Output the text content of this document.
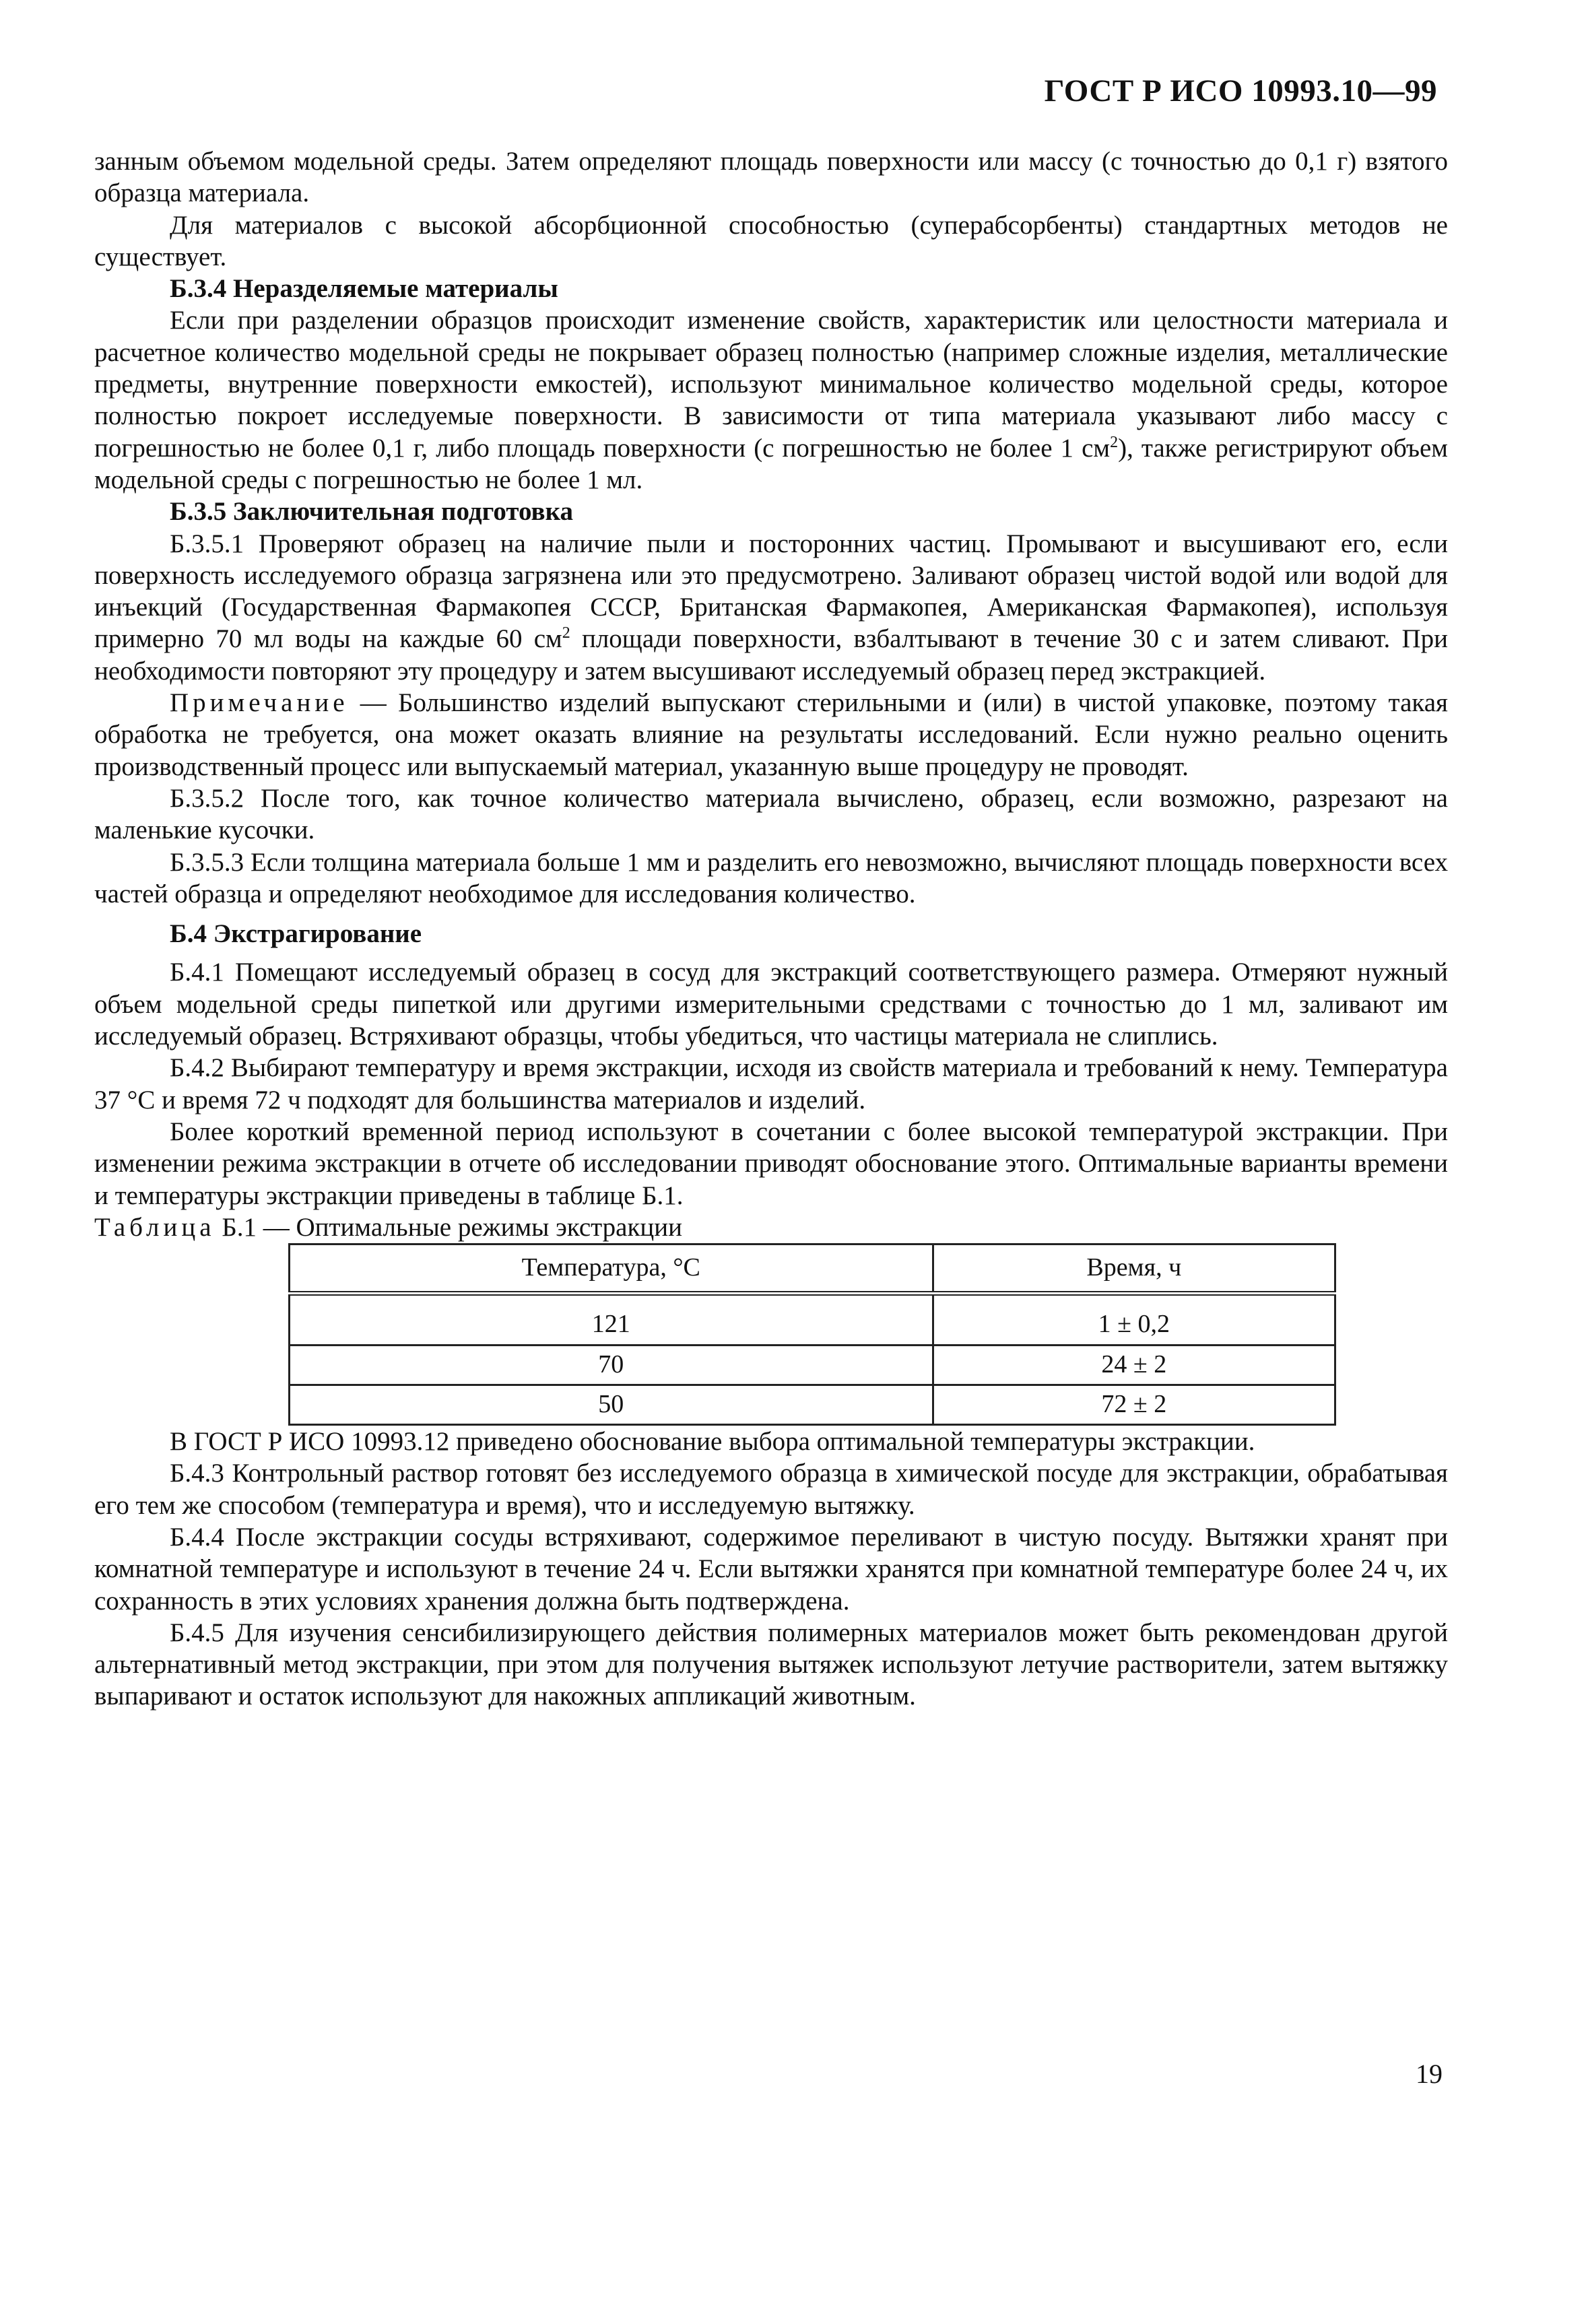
ГОСТ Р ИСО 10993.10—99

занным объемом модельной среды. Затем определяют площадь поверхности или массу (с точностью до 0,1 г) взятого образца материала.

Для материалов с высокой абсорбционной способностью (суперабсорбенты) стандартных методов не существует.

Б.3.4 Неразделяемые материалы

Если при разделении образцов происходит изменение свойств, характеристик или целостности материала и расчетное количество модельной среды не покрывает образец полностью (например сложные изделия, металлические предметы, внутренние поверхности емкостей), используют минимальное количество модельной среды, которое полностью покроет исследуемые поверхности. В зависимости от типа материала указывают либо массу с погрешностью не более 0,1 г, либо площадь поверхности (с погрешностью не более 1 $см^2$), также регистрируют объем модельной среды с погрешностью не более 1 мл.

Б.3.5 Заключительная подготовка

Б.3.5.1 Проверяют образец на наличие пыли и посторонних частиц. Промывают и высушивают его, если поверхность исследуемого образца загрязнена или это предусмотрено. Заливают образец чистой водой или водой для инъекций (Государственная Фармакопея СССР, Британская Фармакопея, Американская Фармакопея), используя примерно 70 мл воды на каждые 60 $см^2$ площади поверхности, взбалтывают в течение 30 с и затем сливают. При необходимости повторяют эту процедуру и затем высушивают исследуемый образец перед экстракцией.

Примечание — Большинство изделий выпускают стерильными и (или) в чистой упаковке, поэтому такая обработка не требуется, она может оказать влияние на результаты исследований. Если нужно реально оценить производственный процесс или выпускаемый материал, указанную выше процедуру не проводят.

Б.3.5.2 После того, как точное количество материала вычислено, образец, если возможно, разрезают на маленькие кусочки.

Б.3.5.3 Если толщина материала больше 1 мм и разделить его невозможно, вычисляют площадь поверхности всех частей образца и определяют необходимое для исследования количество.

Б.4 Экстрагирование

Б.4.1 Помещают исследуемый образец в сосуд для экстракций соответствующего размера. Отмеряют нужный объем модельной среды пипеткой или другими измерительными средствами с точностью до 1 мл, заливают им исследуемый образец. Встряхивают образцы, чтобы убедиться, что частицы материала не слиплись.

Б.4.2 Выбирают температуру и время экстракции, исходя из свойств материала и требований к нему. Температура 37 °С и время 72 ч подходят для большинства материалов и изделий.

Более короткий временной период используют в сочетании с более высокой температурой экстракции. При изменении режима экстракции в отчете об исследовании приводят обоснование этого. Оптимальные варианты времени и температуры экстракции приведены в таблице Б.1.

Таблица Б.1 — Оптимальные режимы экстракции

Температура, °С	Время, ч
121	1 ± 0,2
70	24 ± 2
50	72 ± 2

В ГОСТ Р ИСО 10993.12 приведено обоснование выбора оптимальной температуры экстракции.

Б.4.3 Контрольный раствор готовят без исследуемого образца в химической посуде для экстракции, обрабатывая его тем же способом (температура и время), что и исследуемую вытяжку.

Б.4.4 После экстракции сосуды встряхивают, содержимое переливают в чистую посуду. Вытяжки хранят при комнатной температуре и используют в течение 24 ч. Если вытяжки хранятся при комнатной температуре более 24 ч, их сохранность в этих условиях хранения должна быть подтверждена.

Б.4.5 Для изучения сенсибилизирующего действия полимерных материалов может быть рекомендован другой альтернативный метод экстракции, при этом для получения вытяжек используют летучие растворители, затем вытяжку выпаривают и остаток используют для накожных аппликаций животным.

19
